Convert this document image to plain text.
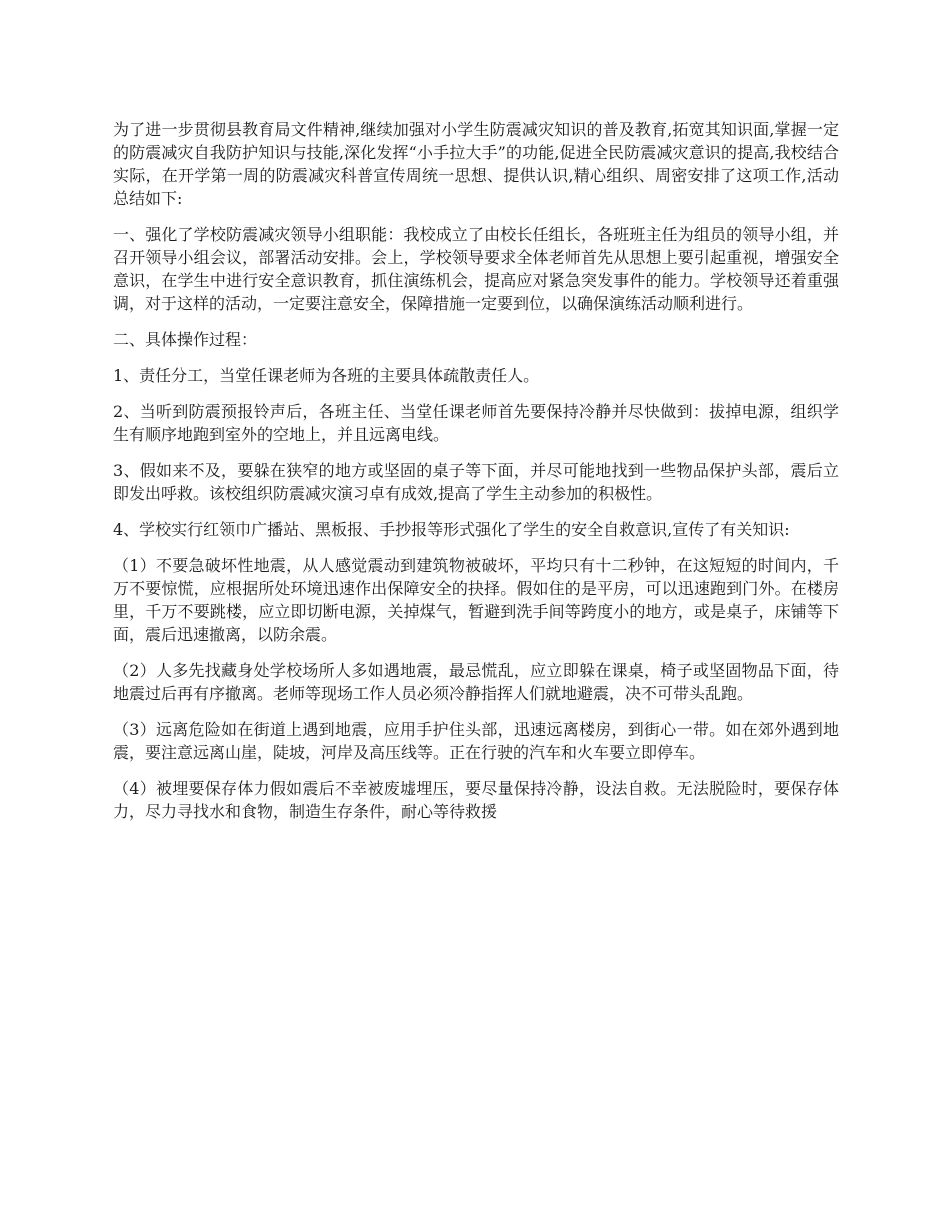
为了进一步贯彻县教育局文件精神,继续加强对小学生防震减灾知识的普及教育,拓宽其知识面,掌握一定的防震减灾自我防护知识与技能,深化发挥“小手拉大手”的功能,促进全民防震减灾意识的提高,我校结合实际，在开学第一周的防震减灾科普宣传周统一思想、提供认识,精心组织、周密安排了这项工作,活动总结如下:

一、强化了学校防震减灾领导小组职能：我校成立了由校长任组长，各班班主任为组员的领导小组，并召开领导小组会议，部署活动安排。会上，学校领导要求全体老师首先从思想上要引起重视，增强安全意识，在学生中进行安全意识教育，抓住演练机会，提高应对紧急突发事件的能力。学校领导还着重强调，对于这样的活动，一定要注意安全，保障措施一定要到位，以确保演练活动顺利进行。

二、具体操作过程：

1、责任分工，当堂任课老师为各班的主要具体疏散责任人。

2、当听到防震预报铃声后，各班主任、当堂任课老师首先要保持冷静并尽快做到：拔掉电源，组织学生有顺序地跑到室外的空地上，并且远离电线。

3、假如来不及，要躲在狭窄的地方或坚固的桌子等下面，并尽可能地找到一些物品保护头部，震后立即发出呼救。该校组织防震减灾演习卓有成效,提高了学生主动参加的积极性。

4、学校实行红领巾广播站、黑板报、手抄报等形式强化了学生的安全自救意识,宣传了有关知识:

（1）不要急破坏性地震，从人感觉震动到建筑物被破坏，平均只有十二秒钟，在这短短的时间内，千万不要惊慌，应根据所处环境迅速作出保障安全的抉择。假如住的是平房，可以迅速跑到门外。在楼房里，千万不要跳楼，应立即切断电源，关掉煤气，暂避到洗手间等跨度小的地方，或是桌子，床铺等下面，震后迅速撤离，以防余震。

（2）人多先找藏身处学校场所人多如遇地震，最忌慌乱，应立即躲在课桌，椅子或坚固物品下面，待地震过后再有序撤离。老师等现场工作人员必须冷静指挥人们就地避震，决不可带头乱跑。

（3）远离危险如在街道上遇到地震，应用手护住头部，迅速远离楼房，到街心一带。如在郊外遇到地震，要注意远离山崖，陡坡，河岸及高压线等。正在行驶的汽车和火车要立即停车。

（4）被埋要保存体力假如震后不幸被废墟埋压，要尽量保持冷静，设法自救。无法脱险时，要保存体力，尽力寻找水和食物，制造生存条件，耐心等待救援
